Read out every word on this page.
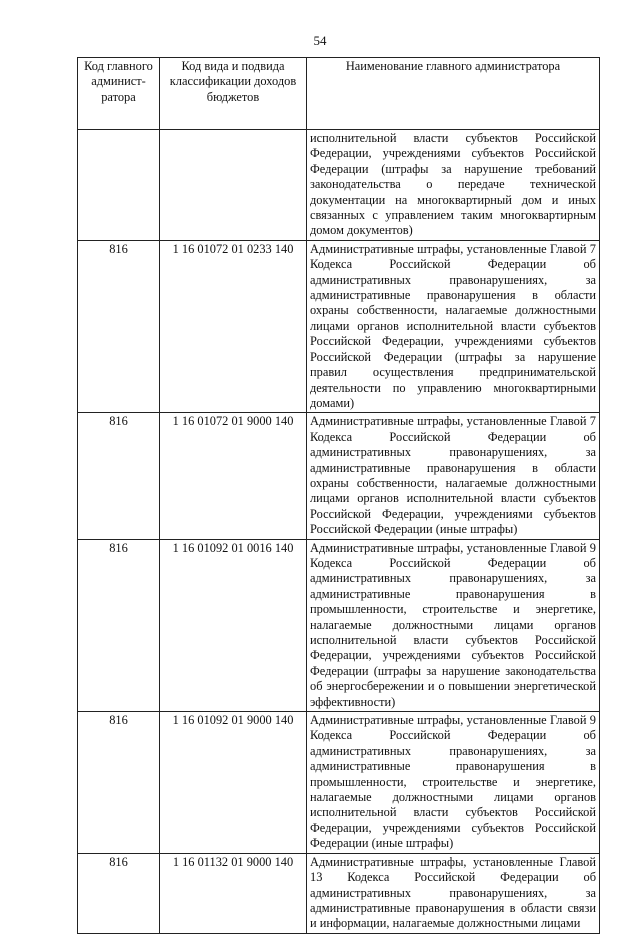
54
Код главного админист-ратора	Код вида и подвида классификации доходов бюджетов	Наименование главного администратора
		исполнительной власти субъектов Российской Федерации, учреждениями субъектов Российской Федерации (штрафы за нарушение требований законодательства о передаче технической документации на многоквартирный дом и иных связанных с управлением таким многоквартирным домом документов)
816	1 16 01072 01 0233 140	Административные штрафы, установленные Главой 7 Кодекса Российской Федерации об административных правонарушениях, за административные правонарушения в области охраны собственности, налагаемые должностными лицами органов исполнительной власти субъектов Российской Федерации, учреждениями субъектов Российской Федерации (штрафы за нарушение правил осуществления предпринимательской деятельности по управлению многоквартирными домами)
816	1 16 01072 01 9000 140	Административные штрафы, установленные Главой 7 Кодекса Российской Федерации об административных правонарушениях, за административные правонарушения в области охраны собственности, налагаемые должностными лицами органов исполнительной власти субъектов Российской Федерации, учреждениями субъектов Российской Федерации (иные штрафы)
816	1 16 01092 01 0016 140	Административные штрафы, установленные Главой 9 Кодекса Российской Федерации об административных правонарушениях, за административные правонарушения в промышленности, строительстве и энергетике, налагаемые должностными лицами органов исполнительной власти субъектов Российской Федерации, учреждениями субъектов Российской Федерации (штрафы за нарушение законодательства об энергосбережении и о повышении энергетической эффективности)
816	1 16 01092 01 9000 140	Административные штрафы, установленные Главой 9 Кодекса Российской Федерации об административных правонарушениях, за административные правонарушения в промышленности, строительстве и энергетике, налагаемые должностными лицами органов исполнительной власти субъектов Российской Федерации, учреждениями субъектов Российской Федерации (иные штрафы)
816	1 16 01132 01 9000 140	Административные штрафы, установленные Главой 13 Кодекса Российской Федерации об административных правонарушениях, за административные правонарушения в области связи и информации, налагаемые должностными лицами
